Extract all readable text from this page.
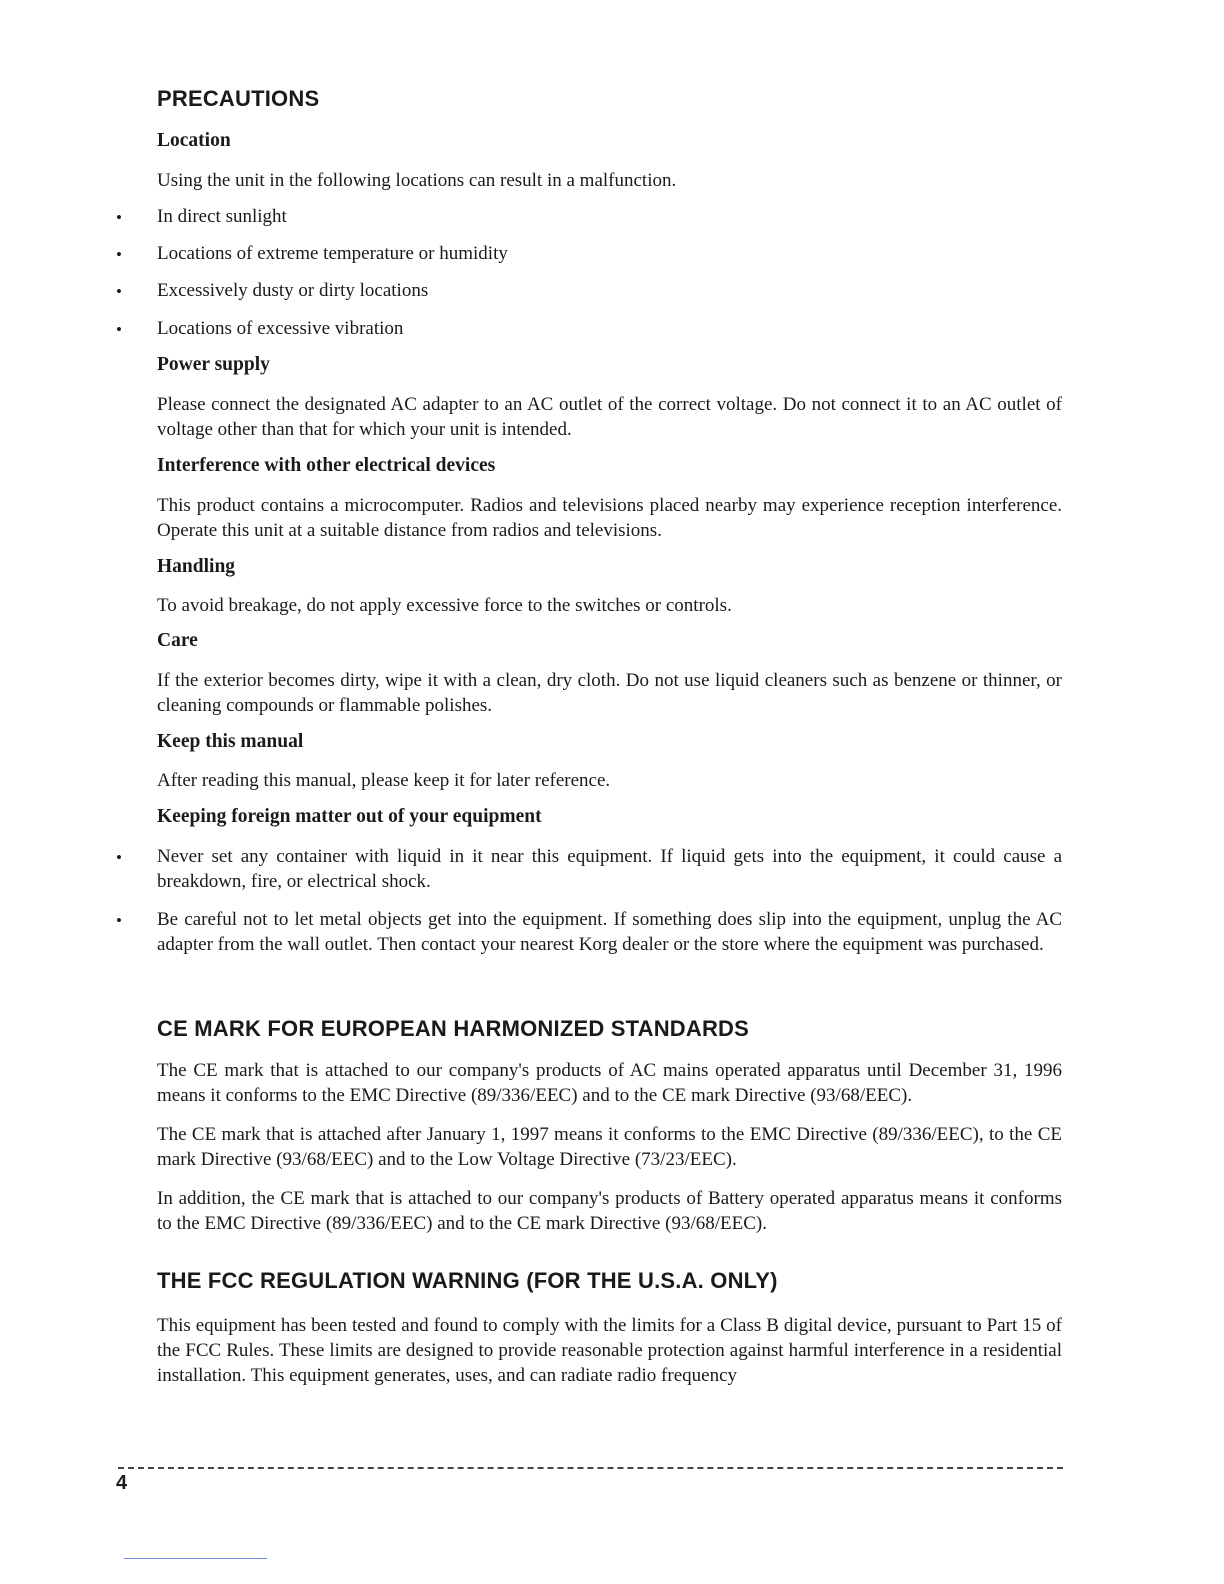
PRECAUTIONS
Location

Using the unit in the following locations can result in a malfunction.

• In direct sunlight

• Locations of extreme temperature or humidity

• Excessively dusty or dirty locations

• Locations of excessive vibration

Power supply

Please connect the designated AC adapter to an AC outlet of the correct voltage. Do not connect it to an AC outlet of voltage other than that for which your unit is intended.

Interference with other electrical devices

This product contains a microcomputer. Radios and televisions placed nearby may experience reception interference. Operate this unit at a suitable distance from radios and televisions.

Handling

To avoid breakage, do not apply excessive force to the switches or controls.

Care

If the exterior becomes dirty, wipe it with a clean, dry cloth. Do not use liquid cleaners such as benzene or thinner, or cleaning compounds or flammable polishes.

Keep this manual

After reading this manual, please keep it for later reference.

Keeping foreign matter out of your equipment
• Never set any container with liquid in it near this equipment. If liquid gets into the equipment, it could cause a breakdown, fire, or electrical shock.

• Be careful not to let metal objects get into the equipment. If something does slip into the equipment, unplug the AC adapter from the wall outlet. Then contact your nearest Korg dealer or the store where the equipment was purchased.

CE MARK FOR EUROPEAN HARMONIZED STANDARDS

The CE mark that is attached to our company's products of AC mains operated apparatus until December 31, 1996 means it conforms to the EMC Directive (89/336/EEC) and to the CE mark Directive (93/68/EEC).

The CE mark that is attached after January 1, 1997 means it conforms to the EMC Directive (89/336/EEC), to the CE mark Directive (93/68/EEC) and to the Low Voltage Directive (73/23/EEC).

In addition, the CE mark that is attached to our company's products of Battery operated apparatus means it conforms to the EMC Directive (89/336/EEC) and to the CE mark Directive (93/68/EEC).

THE FCC REGULATION WARNING (FOR THE U.S.A. ONLY)

This equipment has been tested and found to comply with the limits for a Class B digital device, pursuant to Part 15 of the FCC Rules. These limits are designed to provide reasonable protection against harmful interference in a residential installation. This equipment generates, uses, and can radiate radio frequency

4
